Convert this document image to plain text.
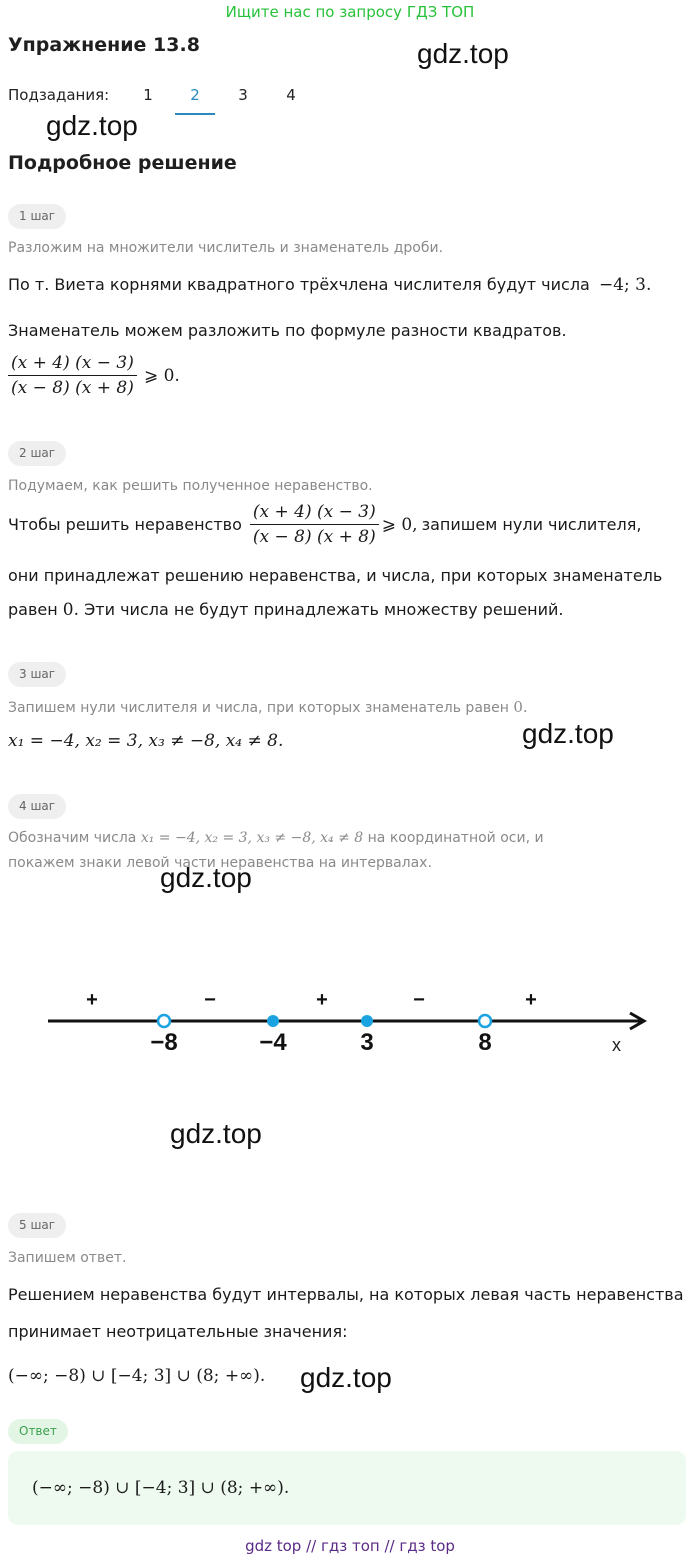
Ищите нас по запросу ГДЗ ТОП
Упражнение 13.8	gdz.top
Подзадания:	1	2	3	4
gdz.top
Подробное решение
1 шаг
Разложим на множители числитель и знаменатель дроби.
По т. Виета корнями квадратного трёхчлена числителя будут числа −4; 3.
Знаменатель можем разложить по формуле разности квадратов.
$\frac{(x + 4) (x - 3)}{(x - 8) (x + 8)}$ ⩾ 0.
2 шаг
Подумаем, как решить полученное неравенство.
Чтобы решить неравенство $\frac{(x + 4) (x - 3)}{(x - 8) (x + 8)}$ ⩾ 0, запишем нули числителя,
они принадлежат решению неравенства, и числа, при которых знаменатель
равен 0. Эти числа не будут принадлежать множеству решений.
3 шаг
Запишем нули числителя и числа, при которых знаменатель равен 0.
x₁ = −4, x₂ = 3, x₃ ≠ −8, x₄ ≠ 8.	gdz.top
4 шаг
Обозначим числа x₁ = −4, x₂ = 3, x₃ ≠ −8, x₄ ≠ 8 на координатной оси, и
покажем знаки левой части неравенства на интервалах.
gdz.top
−8	−4	3	8
+	−	+	−	+
x
gdz.top
5 шаг
Запишем ответ.
Решением неравенства будут интервалы, на которых левая часть неравенства
принимает неотрицательные значения:
(−∞; −8) ∪ [−4; 3] ∪ (8; +∞). gdz.top
Ответ
(−∞; −8) ∪ [−4; 3] ∪ (8; +∞).
gdz top // гдз топ // гдз top
